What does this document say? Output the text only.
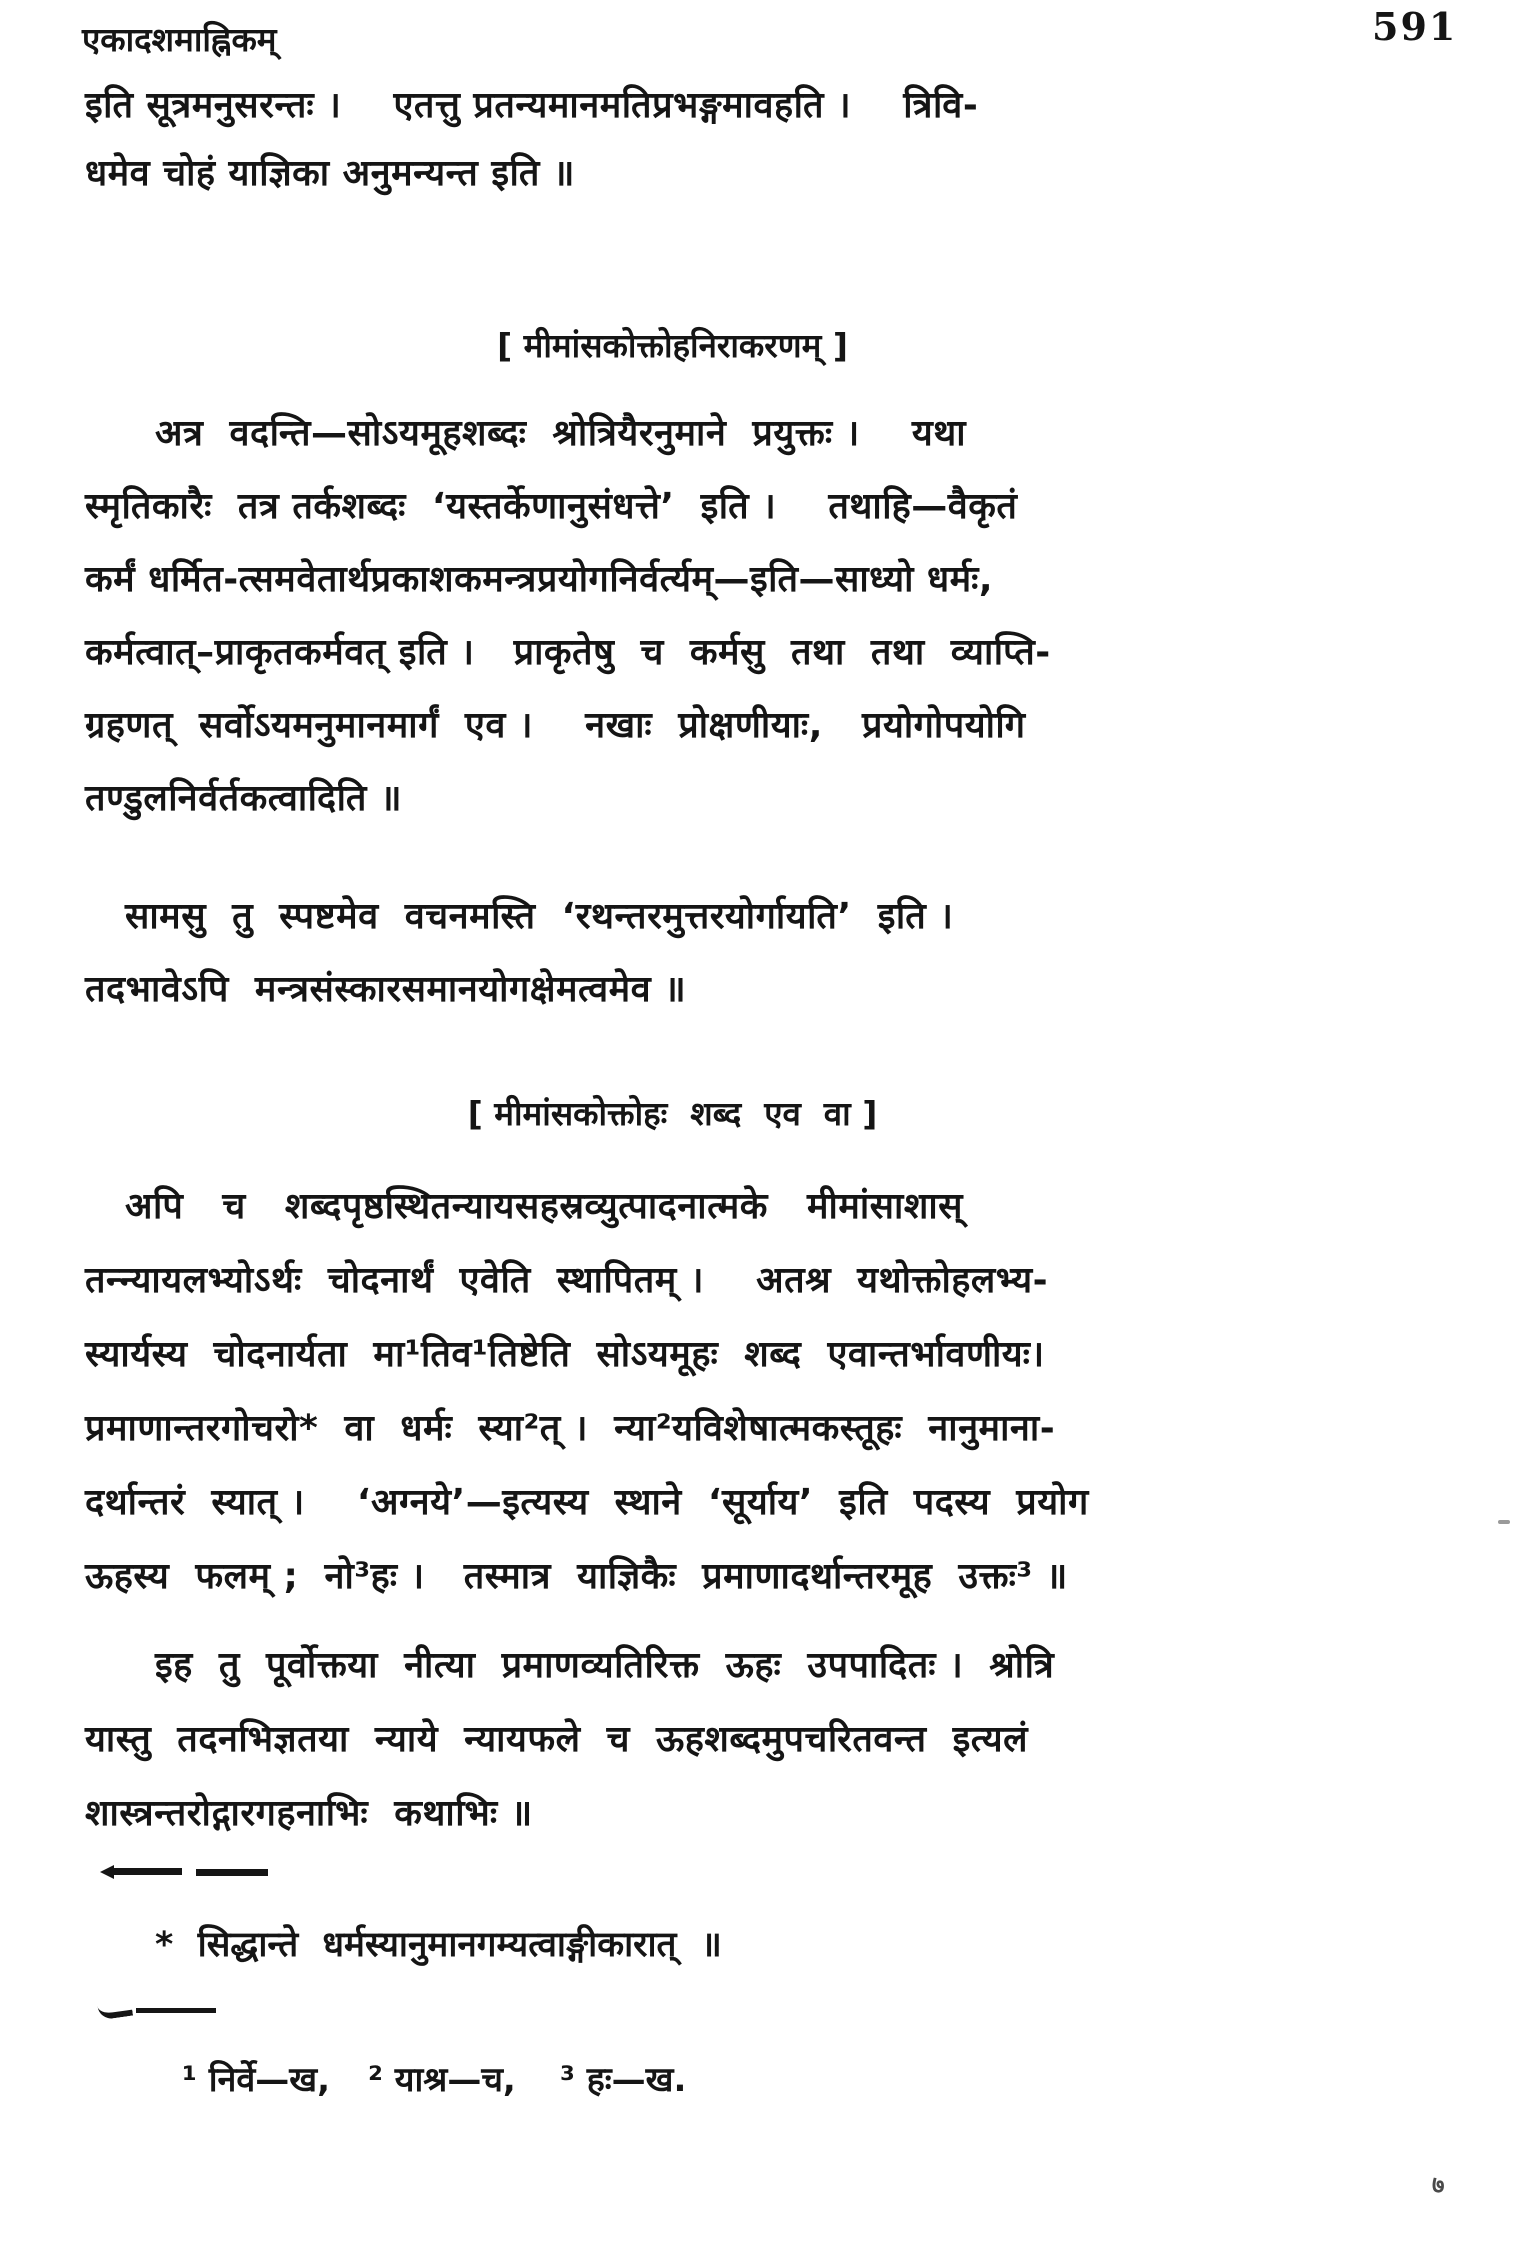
एकादशमाह्निकम्	591
इति सूत्रमनुसरन्तः ।    एतत्तु प्रतन्यमानमतिप्रभङ्गमावहति ।    त्रिवि-
धमेव चोहं याज्ञिका अनुमन्यन्त इति ॥
[ मीमांसकोक्तोहनिराकरणम् ]
अत्र  वदन्ति—सोऽयमूहशब्दः  श्रोत्रियैरनुमाने  प्रयुक्तः ।    यथा
स्मृतिकारैः  तत्र तर्कशब्दः  ‘यस्तर्केणानुसंधत्ते’  इति ।    तथाहि—वैकृतं
कर्मं धर्मित-त्समवेतार्थप्रकाशकमन्त्रप्रयोगनिर्वर्त्यम्—इति—साध्यो धर्मः,
कर्मत्वात्–प्राकृतकर्मवत् इति ।   प्राकृतेषु  च  कर्मसु  तथा  तथा  व्याप्ति-
ग्रहणत्  सर्वोऽयमनुमानमार्गं  एव ।    नखाः  प्रोक्षणीयाः,   प्रयोगोपयोगि
तण्डुलनिर्वर्तकत्वादिति ॥
सामसु  तु  स्पष्टमेव  वचनमस्ति  ‘रथन्तरमुत्तरयोर्गायति’  इति ।
तदभावेऽपि  मन्त्रसंस्कारसमानयोगक्षेमत्वमेव ॥
[ मीमांसकोक्तोहः  शब्द  एव  वा ]
अपि   च   शब्दपृष्ठस्थितन्यायसहस्रव्युत्पादनात्मके   मीमांसाशास्
तन्न्यायलभ्योऽर्थः  चोदनार्थं  एवेति  स्थापितम् ।    अतश्र  यथोक्तोहलभ्य-
स्यार्यस्य  चोदनार्यता  मा¹तिव¹तिष्टेति  सोऽयमूहः  शब्द  एवान्तर्भावणीयः।
प्रमाणान्तरगोचरो*  वा  धर्मः  स्या²त् ।  न्या²यविशेषात्मकस्तूहः  नानुमाना-
दर्थान्तरं  स्यात् ।    ‘अग्नये’—इत्यस्य  स्थाने  ‘सूर्याय’  इति  पदस्य  प्रयोग
ऊहस्य  फलम् ;  नो³हः ।   तस्मात्र  याज्ञिकैः  प्रमाणादर्थान्तरमूह  उक्तः³ ॥
इह  तु  पूर्वोक्तया  नीत्या  प्रमाणव्यतिरिक्त  ऊहः  उपपादितः ।  श्रोत्रि
यास्तु  तदनभिज्ञतया  न्याये  न्यायफले  च  ऊहशब्दमुपचरितवन्त  इत्यलं
शास्त्रन्तरोद्गारगहनाभिः  कथाभिः ॥
*  सिद्धान्ते  धर्मस्यानुमानगम्यत्वाङ्गीकारात्  ॥
¹ निर्वे—ख, ² याश्र—च, ³ हः—ख.
७
